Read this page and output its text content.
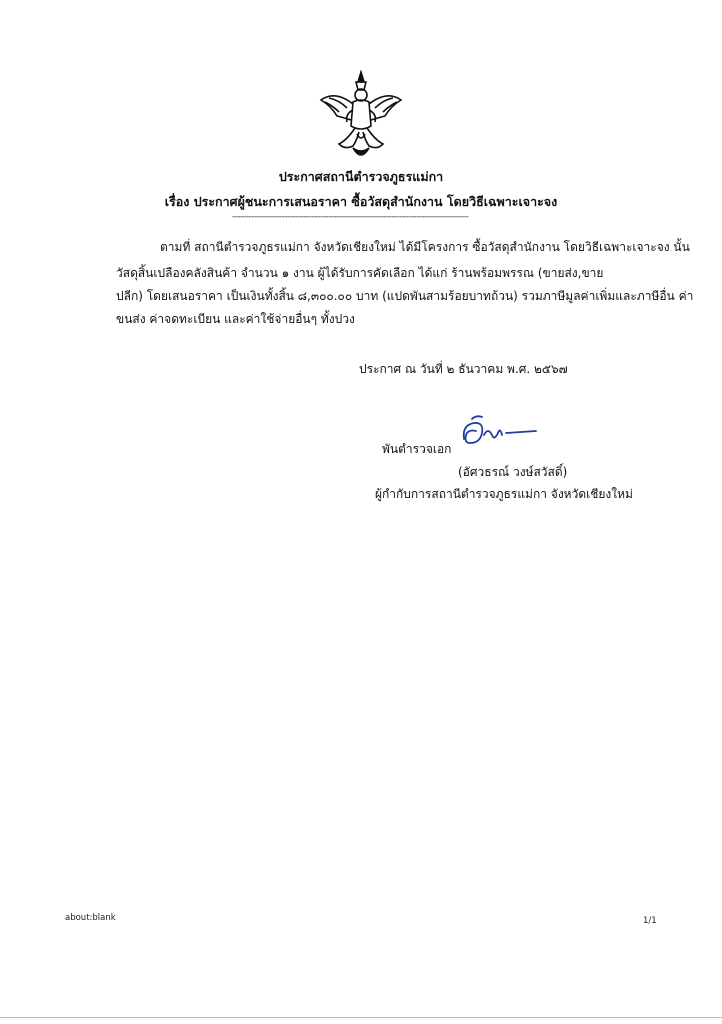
ประกาศสถานีตำรวจภูธรแม่กา
เรื่อง ประกาศผู้ชนะการเสนอราคา ซื้อวัสดุสำนักงาน โดยวิธีเฉพาะเจาะจง
--------------------------------------------------------------------------------------
ตามที่ สถานีตำรวจภูธรแม่กา จังหวัดเชียงใหม่ ได้มีโครงการ ซื้อวัสดุสำนักงาน โดยวิธีเฉพาะเจาะจง นั้น
วัสดุสิ้นเปลืองคลังสินค้า จำนวน ๑ งาน ผู้ได้รับการคัดเลือก ได้แก่ ร้านพร้อมพรรณ (ขายส่ง,ขาย
ปลีก) โดยเสนอราคา เป็นเงินทั้งสิ้น ๘,๓๐๐.๐๐ บาท (แปดพันสามร้อยบาทถ้วน) รวมภาษีมูลค่าเพิ่มและภาษีอื่น ค่า
ขนส่ง ค่าจดทะเบียน และค่าใช้จ่ายอื่นๆ ทั้งปวง
ประกาศ ณ วันที่ ๒ ธันวาคม พ.ศ. ๒๕๖๗
พันตำรวจเอก
(อัศวธรณ์ วงษ์สวัสดิ์)
ผู้กำกับการสถานีตำรวจภูธรแม่กา จังหวัดเชียงใหม่
about:blank	1/1
